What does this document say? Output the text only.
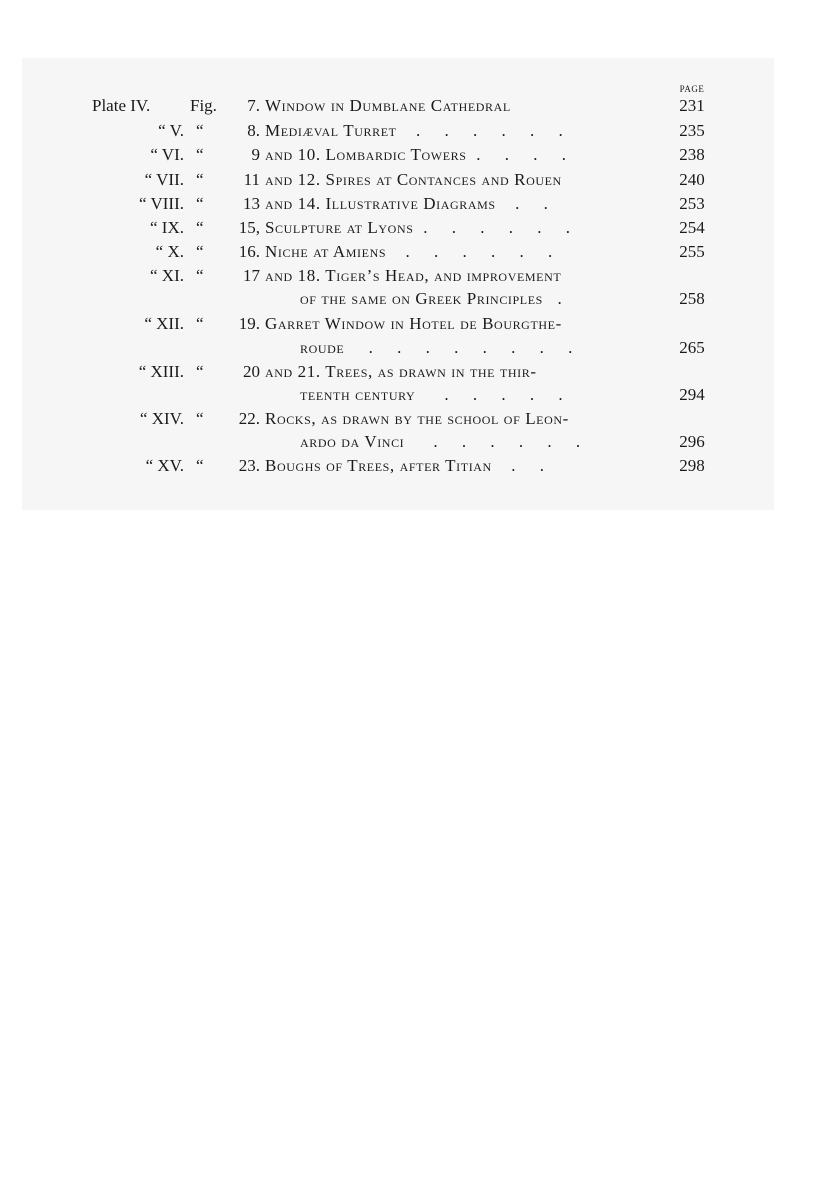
PAGE
Plate IV.	Fig.	7. Window in Dumblane Cathedral	231
“ V. “	8. Mediæval Turret . . . . . .	235
“ VI. “	9 and 10. Lombardic Towers . . . .	238
“ VII. “	11 and 12. Spires at Contances and Rouen	240
“ VIII. “	13 and 14. Illustrative Diagrams . .	253
“ IX. “	15, Sculpture at Lyons . . . . . .	254
“ X. “	16. Niche at Amiens . . . . . .	255
“ XI. “	17 and 18. Tiger’s Head, and improvement
of the same on Greek Principles .	258
“ XII. “	19. Garret Window in Hotel de Bourgthe-
roude . . . . . . . .	265
“ XIII. “	20 and 21. Trees, as drawn in the thir-
teenth century . . . . .	294
“ XIV. “	22. Rocks, as drawn by the school of Leon-
ardo da Vinci . . . . . .	296
“ XV. “	23. Boughs of Trees, after Titian . .	298
